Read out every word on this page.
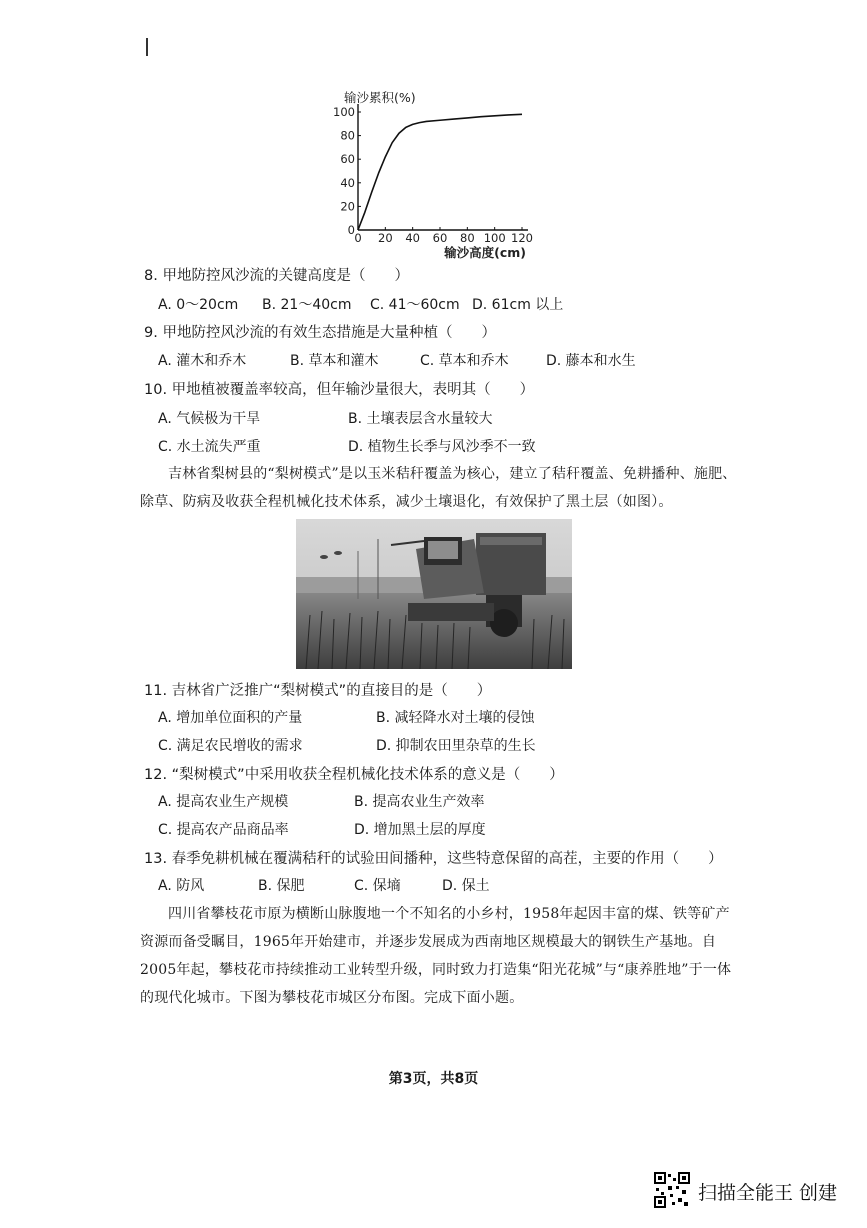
0
20
40
60
80
100
0 20 40 60 80 100 120
输沙累积(%)
输沙高度(cm)
8. 甲地防控风沙流的关键高度是（　　）
A. 0～20cm B. 21～40cm C. 41～60cm D. 61cm 以上
9. 甲地防控风沙流的有效生态措施是大量种植（　　）
A. 灌木和乔木	B. 草本和灌木	C. 草本和乔木	D. 藤本和水生
10. 甲地植被覆盖率较高，但年输沙量很大，表明其（　　）
A. 气候极为干旱	B. 土壤表层含水量较大
C. 水土流失严重	D. 植物生长季与风沙季不一致
吉林省梨树县的“梨树模式”是以玉米秸秆覆盖为核心，建立了秸秆覆盖、免耕播种、施肥、除草、防病及收获全程机械化技术体系，减少土壤退化，有效保护了黑土层（如图）。
11. 吉林省广泛推广“梨树模式”的直接目的是（　　）
A. 增加单位面积的产量	B. 减轻降水对土壤的侵蚀
C. 满足农民增收的需求	D. 抑制农田里杂草的生长
12. “梨树模式”中采用收获全程机械化技术体系的意义是（　　）
A. 提高农业生产规模	B. 提高农业生产效率
C. 提高农产品商品率	D. 增加黑土层的厚度
13. 春季免耕机械在覆满秸秆的试验田间播种，这些特意保留的高茬，主要的作用（　　）
A. 防风	B. 保肥	C. 保墒	D. 保土
四川省攀枝花市原为横断山脉腹地一个不知名的小乡村，1958年起因丰富的煤、铁等矿产资源而备受瞩目，1965年开始建市，并逐步发展成为西南地区规模最大的钢铁生产基地。自2005年起，攀枝花市持续推动工业转型升级，同时致力打造集“阳光花城”与“康养胜地”于一体的现代化城市。下图为攀枝花市城区分布图。完成下面小题。
第3页，共8页
扫描全能王 创建
